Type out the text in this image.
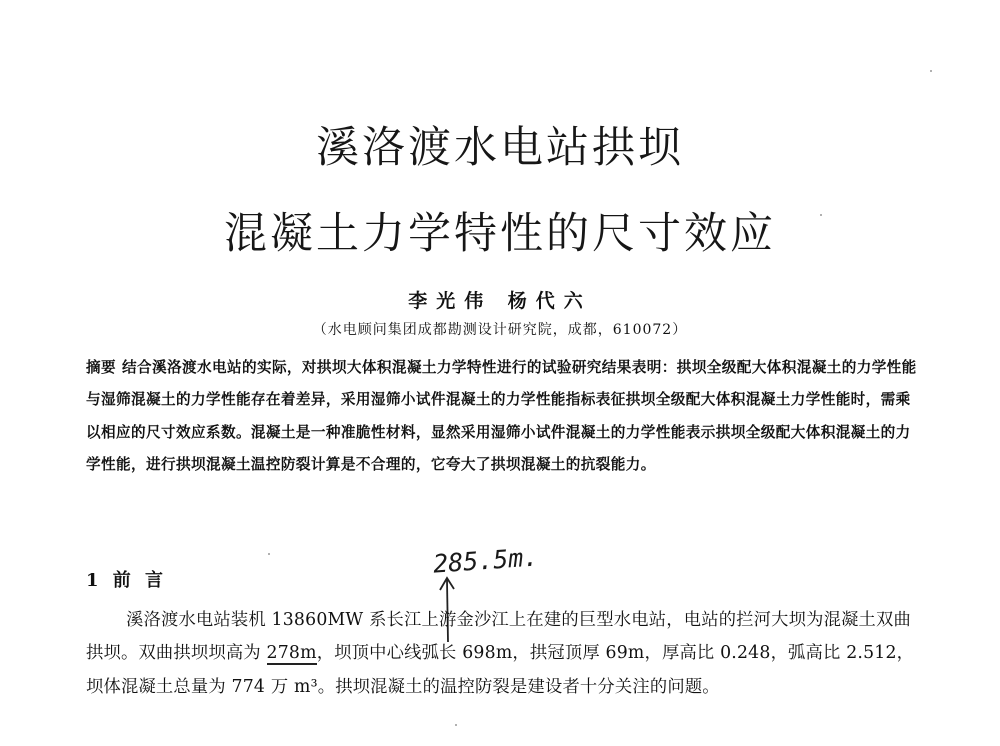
溪洛渡水电站拱坝
混凝土力学特性的尺寸效应
李光伟 杨代六
（水电顾问集团成都勘测设计研究院，成都，610072）
摘要 结合溪洛渡水电站的实际，对拱坝大体积混凝土力学特性进行的试验研究结果表明：拱坝全级配大体积混凝土的力学性能与湿筛混凝土的力学性能存在着差异，采用湿筛小试件混凝土的力学性能指标表征拱坝全级配大体积混凝土力学性能时，需乘以相应的尺寸效应系数。混凝土是一种准脆性材料，显然采用湿筛小试件混凝土的力学性能表示拱坝全级配大体积混凝土的力学性能，进行拱坝混凝土温控防裂计算是不合理的，它夸大了拱坝混凝土的抗裂能力。
1 前 言
285.5m.
溪洛渡水电站装机 13860MW 系长江上游金沙江上在建的巨型水电站，电站的拦河大坝为混凝土双曲拱坝。双曲拱坝坝高为 278m，坝顶中心线弧长 698m，拱冠顶厚 69m，厚高比 0.248，弧高比 2.512，坝体混凝土总量为 774 万 m³。拱坝混凝土的温控防裂是建设者十分关注的问题。
